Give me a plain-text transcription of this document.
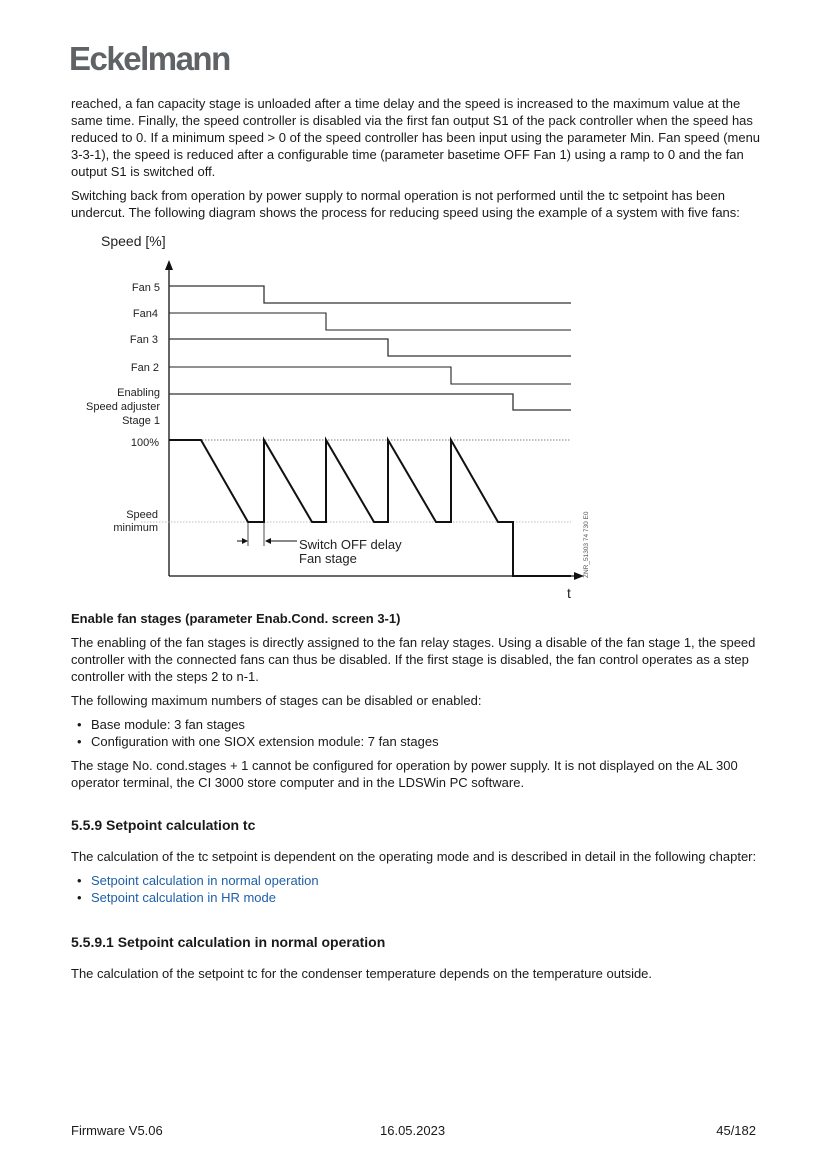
Eckelmann

reached, a fan capacity stage is unloaded after a time delay and the speed is increased to the maximum value at the same time. Finally, the speed controller is disabled via the first fan output S1 of the pack controller when the speed has reduced to 0. If a minimum speed > 0 of the speed controller has been input using the parameter Min. Fan speed (menu 3-3-1), the speed is reduced after a configurable time (parameter basetime OFF Fan 1) using a ramp to 0 and the fan output S1 is switched off.

Switching back from operation by power supply to normal operation is not performed until the tc setpoint has been undercut. The following diagram shows the process for reducing speed using the example of a system with five fans:

Speed [%]
t
Fan 5
Fan4
Fan 3
Fan 2
Enabling
Speed adjuster
Stage 1
100%
Speed
minimum
Switch OFF delay
Fan stage	ZNR_51303 74 730 E0
Enable fan stages (parameter Enab.Cond. screen 3-1)

The enabling of the fan stages is directly assigned to the fan relay stages. Using a disable of the fan stage 1, the speed controller with the connected fans can thus be disabled. If the first stage is disabled, the fan control operates as a step controller with the steps 2 to n-1.

The following maximum numbers of stages can be disabled or enabled:

• Base module: 3 fan stages
• Configuration with one SIOX extension module: 7 fan stages

The stage No. cond.stages + 1 cannot be configured for operation by power supply. It is not displayed on the AL 300 operator terminal, the CI 3000 store computer and in the LDSWin PC software.

5.5.9 Setpoint calculation tc

The calculation of the tc setpoint is dependent on the operating mode and is described in detail in the following chapter:

• Setpoint calculation in normal operation
• Setpoint calculation in HR mode
5.5.9.1 Setpoint calculation in normal operation

The calculation of the setpoint tc for the condenser temperature depends on the temperature outside.

Firmware V5.06	16.05.2023	45/182
